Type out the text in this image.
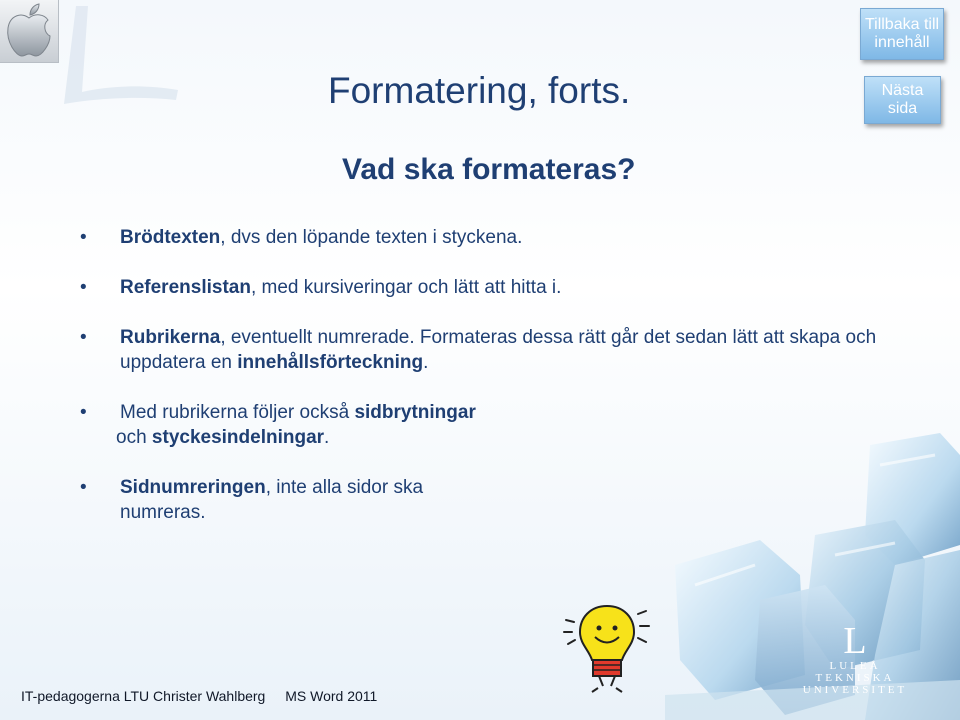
Formatering, forts.
Tillbaka till innehåll
Nästa sida
Vad ska formateras?
• Brödtexten, dvs den löpande texten i styckena.
• Referenslistan, med kursiveringar och lätt att hitta i.
• Rubrikerna, eventuellt numrerade. Formateras dessa rätt går det sedan lätt att skapa och uppdatera en innehållsförteckning.
• Med rubrikerna följer också sidbrytningar
och styckesindelningar.
• Sidnumreringen, inte alla sidor ska numreras.
L
LULEÅ
TEKNISKA
UNIVERSITET
IT-pedagogerna LTU Christer Wahlberg MS Word 2011
